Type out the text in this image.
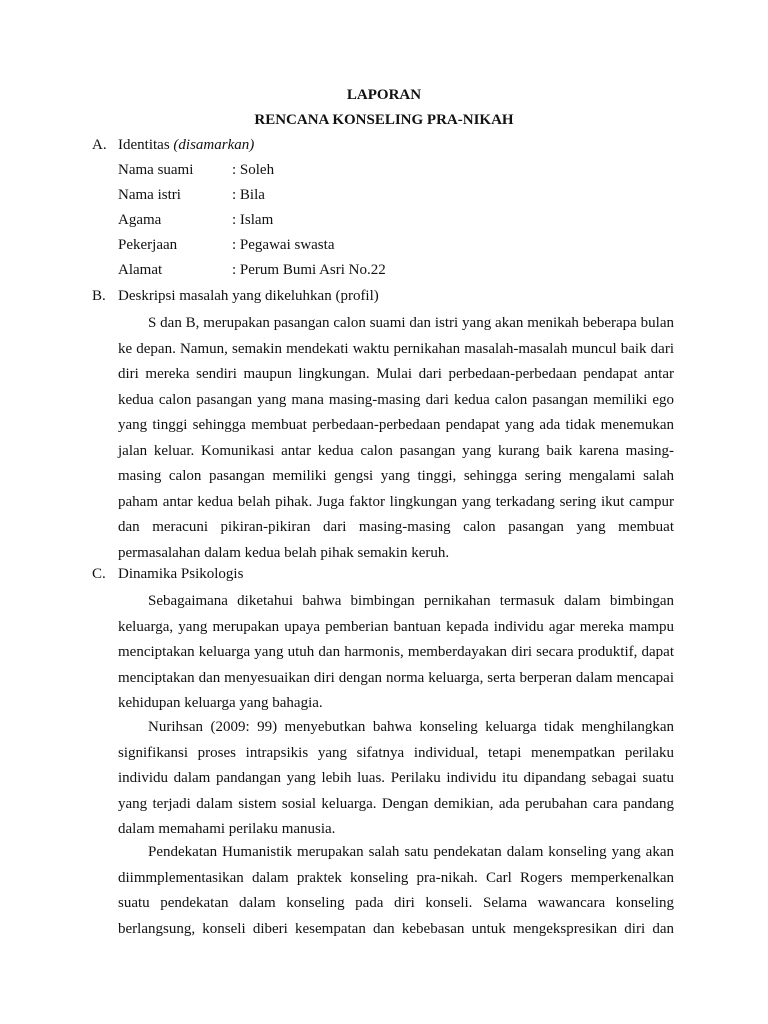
LAPORAN
RENCANA KONSELING PRA-NIKAH
A. Identitas (disamarkan)
Nama suami	: Soleh
Nama istri	: Bila
Agama	: Islam
Pekerjaan	: Pegawai swasta
Alamat	: Perum Bumi Asri No.22
B. Deskripsi masalah yang dikeluhkan (profil)

S dan B, merupakan pasangan calon suami dan istri yang akan menikah beberapa bulan ke depan. Namun, semakin mendekati waktu pernikahan masalah-masalah muncul baik dari diri mereka sendiri maupun lingkungan. Mulai dari perbedaan-perbedaan pendapat antar kedua calon pasangan yang mana masing-masing dari kedua calon pasangan memiliki ego yang tinggi sehingga membuat perbedaan-perbedaan pendapat yang ada tidak menemukan jalan keluar. Komunikasi antar kedua calon pasangan yang kurang baik karena masing-masing calon pasangan memiliki gengsi yang tinggi, sehingga sering mengalami salah paham antar kedua belah pihak. Juga faktor lingkungan yang terkadang sering ikut campur dan meracuni pikiran-pikiran dari masing-masing calon pasangan yang membuat permasalahan dalam kedua belah pihak semakin keruh.

C. Dinamika Psikologis

Sebagaimana diketahui bahwa bimbingan pernikahan termasuk dalam bimbingan keluarga, yang merupakan upaya pemberian bantuan kepada individu agar mereka mampu menciptakan keluarga yang utuh dan harmonis, memberdayakan diri secara produktif, dapat menciptakan dan menyesuaikan diri dengan norma keluarga, serta berperan dalam mencapai kehidupan keluarga yang bahagia.

Nurihsan (2009: 99) menyebutkan bahwa konseling keluarga tidak menghilangkan signifikansi proses intrapsikis yang sifatnya individual, tetapi menempatkan perilaku individu dalam pandangan yang lebih luas. Perilaku individu itu dipandang sebagai suatu yang terjadi dalam sistem sosial keluarga. Dengan demikian, ada perubahan cara pandang dalam memahami perilaku manusia.

Pendekatan Humanistik merupakan salah satu pendekatan dalam konseling yang akan diimmplementasikan dalam praktek konseling pra-nikah. Carl Rogers memperkenalkan suatu pendekatan dalam konseling pada diri konseli. Selama wawancara konseling berlangsung, konseli diberi kesempatan dan kebebasan untuk mengekspresikan diri dan
